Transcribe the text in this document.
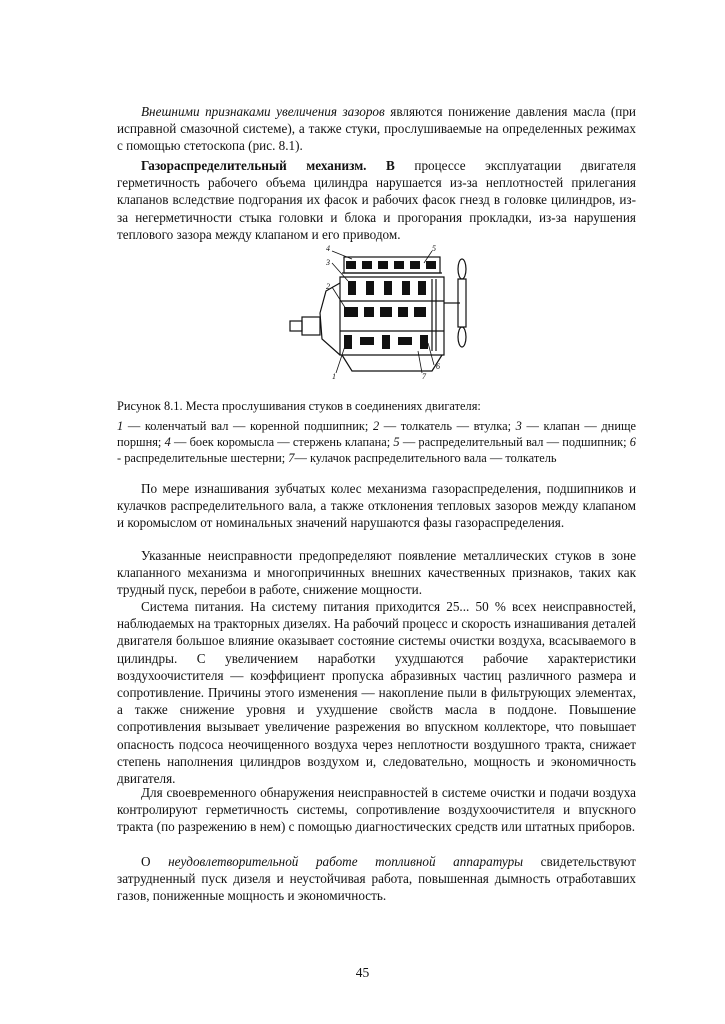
Внешними признаками увеличения зазоров являются понижение давления масла (при исправной смазочной системе), а также стуки, прослушиваемые на определенных режимах с помощью стетоскопа (рис. 8.1).

Газораспределительный механизм. В процессе эксплуатации двигателя герметичность рабочего объема цилиндра нарушается из-за неплотностей прилегания клапанов вследствие подгорания их фасок и рабочих фасок гнезд в головке цилиндров, из-за негерметичности стыка головки и блока и прогорания прокладки, из-за нарушения теплового зазора между клапаном и его приводом.

4
3
2
1
5
6
7

Рисунок 8.1. Места прослушивания стуков в соединениях двигателя:

1 — коленчатый вал — коренной подшипник; 2 — толкатель — втулка; 3 — клапан — днище поршня; 4 — боек коромысла — стержень клапана; 5 — распределительный вал — подшипник; 6 - распределительные шестерни; 7— кулачок распределительного вала — толкатель

По мере изнашивания зубчатых колес механизма газораспределения, подшипников и кулачков распределительного вала, а также отклонения тепловых зазоров между клапаном и коромыслом от номинальных значений нарушаются фазы газораспределения.

Указанные неисправности предопределяют появление металлических стуков в зоне клапанного механизма и многопричинных внешних качественных признаков, таких как трудный пуск, перебои в работе, снижение мощности.

Система питания. На систему питания приходится 25... 50 % всех неисправностей, наблюдаемых на тракторных дизелях. На рабочий процесс и скорость изнашивания деталей двигателя большое влияние оказывает состояние системы очистки воздуха, всасываемого в цилиндры. С увеличением наработки ухудшаются рабочие характеристики воздухоочистителя — коэффициент пропуска абразивных частиц различного размера и сопротивление. Причины этого изменения — накопление пыли в фильтрующих элементах, а также снижение уровня и ухудшение свойств масла в поддоне. Повышение сопротивления вызывает увеличение разрежения во впускном коллекторе, что повышает опасность подсоса неочищенного воздуха через неплотности воздушного тракта, снижает степень наполнения цилиндров воздухом и, следовательно, мощность и экономичность двигателя.

Для своевременного обнаружения неисправностей в системе очистки и подачи воздуха контролируют герметичность системы, сопротивление воздухоочистителя и впускного тракта (по разрежению в нем) с помощью диагностических средств или штатных приборов.

О неудовлетворительной работе топливной аппаратуры свидетельствуют затрудненный пуск дизеля и неустойчивая работа, повышенная дымность отработавших газов, пониженные мощность и экономичность.

45
